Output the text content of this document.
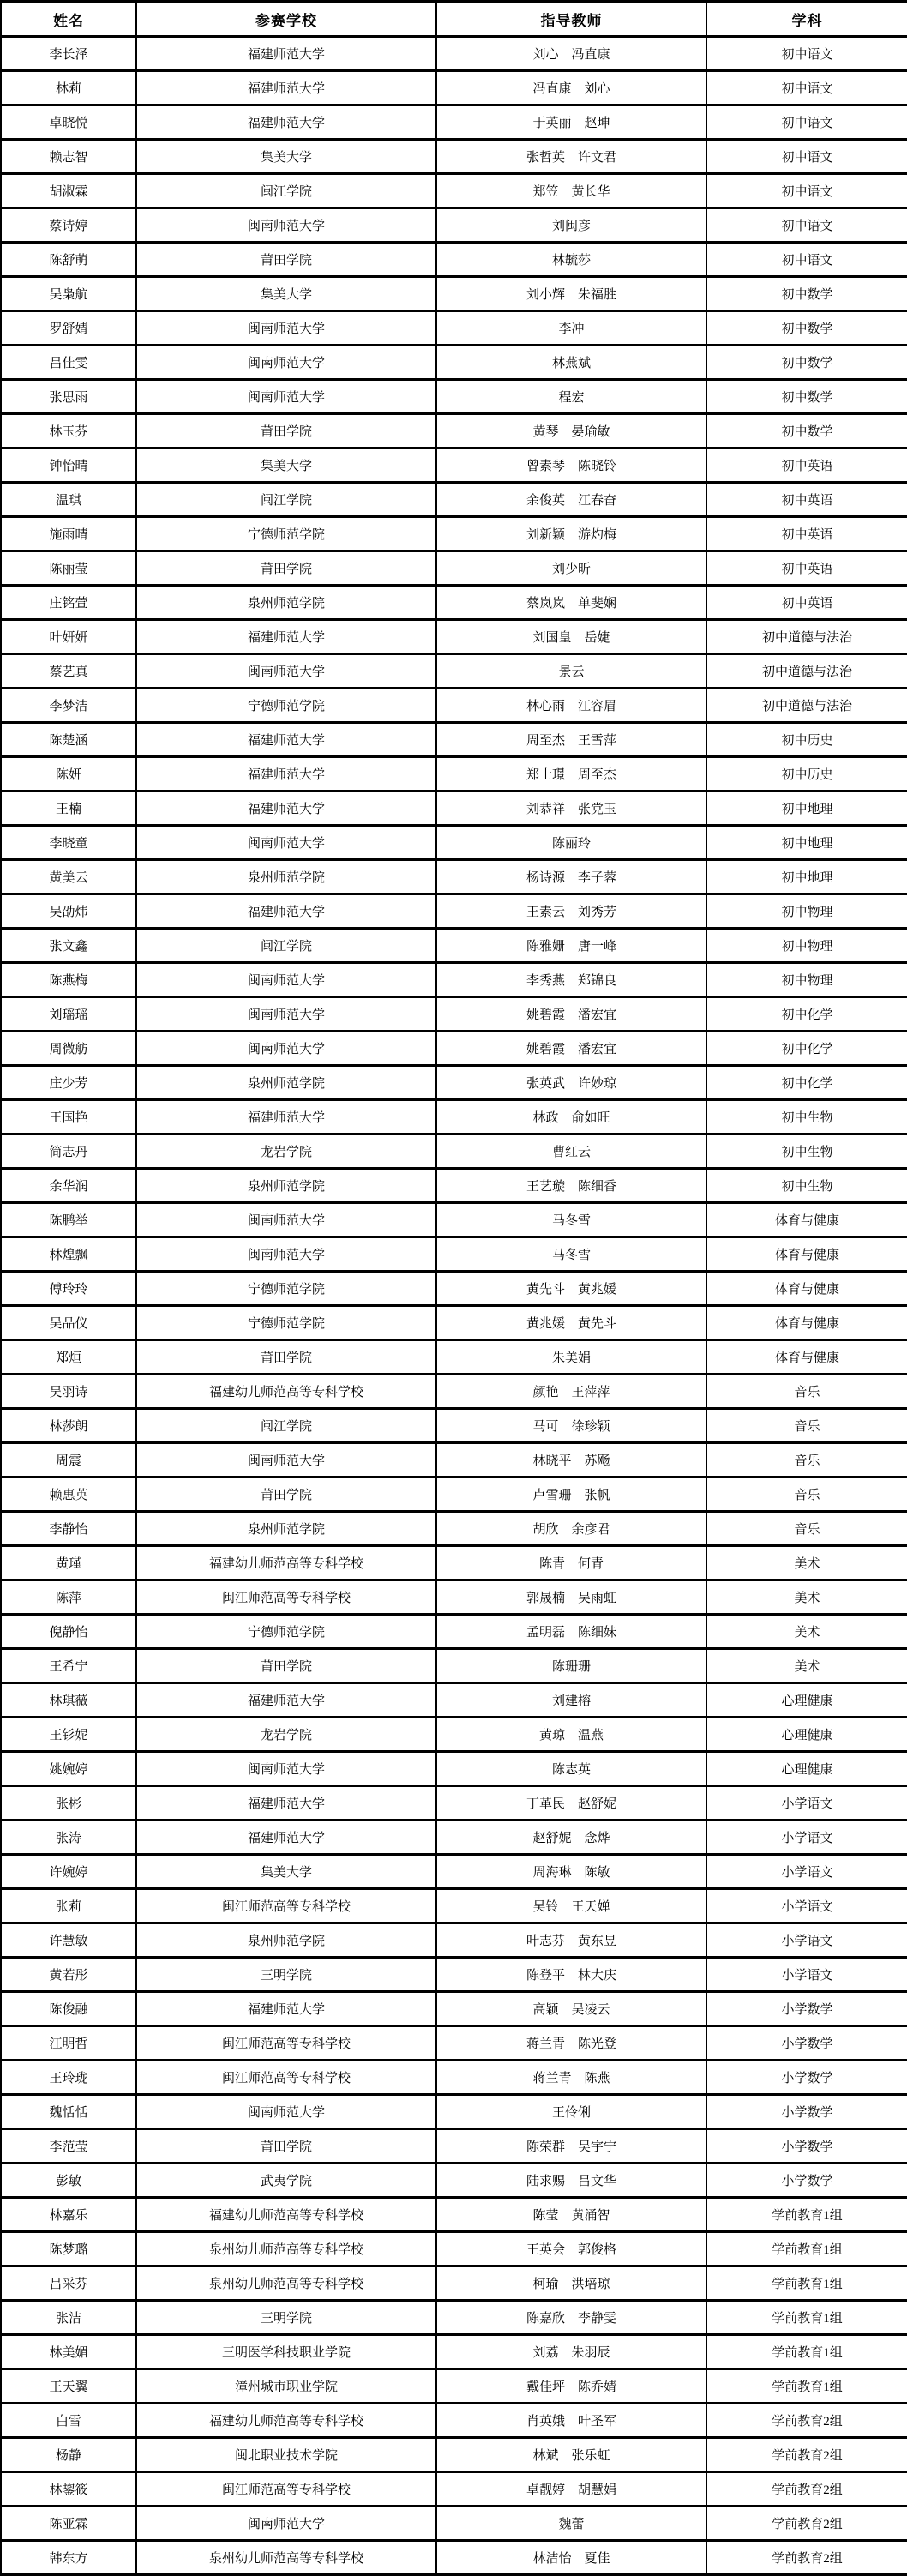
姓名	参赛学校	指导教师	学科
李长泽	福建师范大学	刘心　冯直康	初中语文
林莉	福建师范大学	冯直康　刘心	初中语文
卓晓悦	福建师范大学	于英丽　赵坤	初中语文
赖志智	集美大学	张哲英　许文君	初中语文
胡淑霖	闽江学院	郑笠　黄长华	初中语文
蔡诗婷	闽南师范大学	刘闽彦	初中语文
陈舒萌	莆田学院	林毓莎	初中语文
吴枭航	集美大学	刘小辉　朱福胜	初中数学
罗舒婧	闽南师范大学	李冲	初中数学
吕佳雯	闽南师范大学	林燕斌	初中数学
张思雨	闽南师范大学	程宏	初中数学
林玉芬	莆田学院	黄琴　晏瑜敏	初中数学
钟怡晴	集美大学	曾素琴　陈晓铃	初中英语
温琪	闽江学院	余俊英　江春奋	初中英语
施雨晴	宁德师范学院	刘新颖　游灼梅	初中英语
陈丽莹	莆田学院	刘少昕	初中英语
庄铭萱	泉州师范学院	蔡岚岚　单斐娴	初中英语
叶妍妍	福建师范大学	刘国皇　岳婕	初中道德与法治
蔡艺真	闽南师范大学	景云	初中道德与法治
李梦洁	宁德师范学院	林心雨　江容眉	初中道德与法治
陈楚涵	福建师范大学	周至杰　王雪萍	初中历史
陈妍	福建师范大学	郑士璟　周至杰	初中历史
王楠	福建师范大学	刘恭祥　张党玉	初中地理
李晓童	闽南师范大学	陈丽玲	初中地理
黄美云	泉州师范学院	杨诗源　李子蓉	初中地理
吴劭炜	福建师范大学	王素云　刘秀芳	初中物理
张文鑫	闽江学院	陈雅姗　唐一峰	初中物理
陈燕梅	闽南师范大学	李秀燕　郑锦良	初中物理
刘瑶瑶	闽南师范大学	姚碧霞　潘宏宜	初中化学
周微舫	闽南师范大学	姚碧霞　潘宏宜	初中化学
庄少芳	泉州师范学院	张英武　许妙琼	初中化学
王国艳	福建师范大学	林政　俞如旺	初中生物
简志丹	龙岩学院	曹红云	初中生物
余华润	泉州师范学院	王艺璇　陈细香	初中生物
陈鹏举	闽南师范大学	马冬雪	体育与健康
林煌飘	闽南师范大学	马冬雪	体育与健康
傅玲玲	宁德师范学院	黄先斗　黄兆媛	体育与健康
吴品仪	宁德师范学院	黄兆媛　黄先斗	体育与健康
郑烜	莆田学院	朱美娟	体育与健康
吴羽诗	福建幼儿师范高等专科学校	颜艳　王萍萍	音乐
林莎朗	闽江学院	马可　徐珍颖	音乐
周震	闽南师范大学	林晓平　苏飏	音乐
赖惠英	莆田学院	卢雪珊　张帆	音乐
李静怡	泉州师范学院	胡欣　余彦君	音乐
黄瑾	福建幼儿师范高等专科学校	陈青　何青	美术
陈萍	闽江师范高等专科学校	郭晟楠　吴雨虹	美术
倪静怡	宁德师范学院	孟明磊　陈细妹	美术
王希宁	莆田学院	陈珊珊	美术
林琪薇	福建师范大学	刘建榕	心理健康
王钐妮	龙岩学院	黄琼　温燕	心理健康
姚婉婷	闽南师范大学	陈志英	心理健康
张彬	福建师范大学	丁革民　赵舒妮	小学语文
张涛	福建师范大学	赵舒妮　念烨	小学语文
许婉婷	集美大学	周海琳　陈敏	小学语文
张莉	闽江师范高等专科学校	吴铃　王天婵	小学语文
许慧敏	泉州师范学院	叶志芬　黄东昱	小学语文
黄若彤	三明学院	陈登平　林大庆	小学语文
陈俊融	福建师范大学	高颖　吴凌云	小学数学
江明哲	闽江师范高等专科学校	蒋兰青　陈光登	小学数学
王玲珑	闽江师范高等专科学校	蒋兰青　陈燕	小学数学
魏恬恬	闽南师范大学	王伶俐	小学数学
李范莹	莆田学院	陈荣群　吴宇宁	小学数学
彭敏	武夷学院	陆求赐　吕文华	小学数学
林嘉乐	福建幼儿师范高等专科学校	陈莹　黄涌智	学前教育1组
陈梦璐	泉州幼儿师范高等专科学校	王英会　郭俊格	学前教育1组
吕采芬	泉州幼儿师范高等专科学校	柯瑜　洪培琼	学前教育1组
张洁	三明学院	陈嘉欣　李静雯	学前教育1组
林美媚	三明医学科技职业学院	刘荔　朱羽辰	学前教育1组
王天翼	漳州城市职业学院	戴佳坪　陈乔婧	学前教育1组
白雪	福建幼儿师范高等专科学校	肖英娥　叶圣军	学前教育2组
杨静	闽北职业技术学院	林斌　张乐虹	学前教育2组
林鋆筱	闽江师范高等专科学校	卓靓婷　胡慧娟	学前教育2组
陈亚霖	闽南师范大学	魏蕾	学前教育2组
韩东方	泉州幼儿师范高等专科学校	林洁怡　夏佳	学前教育2组
